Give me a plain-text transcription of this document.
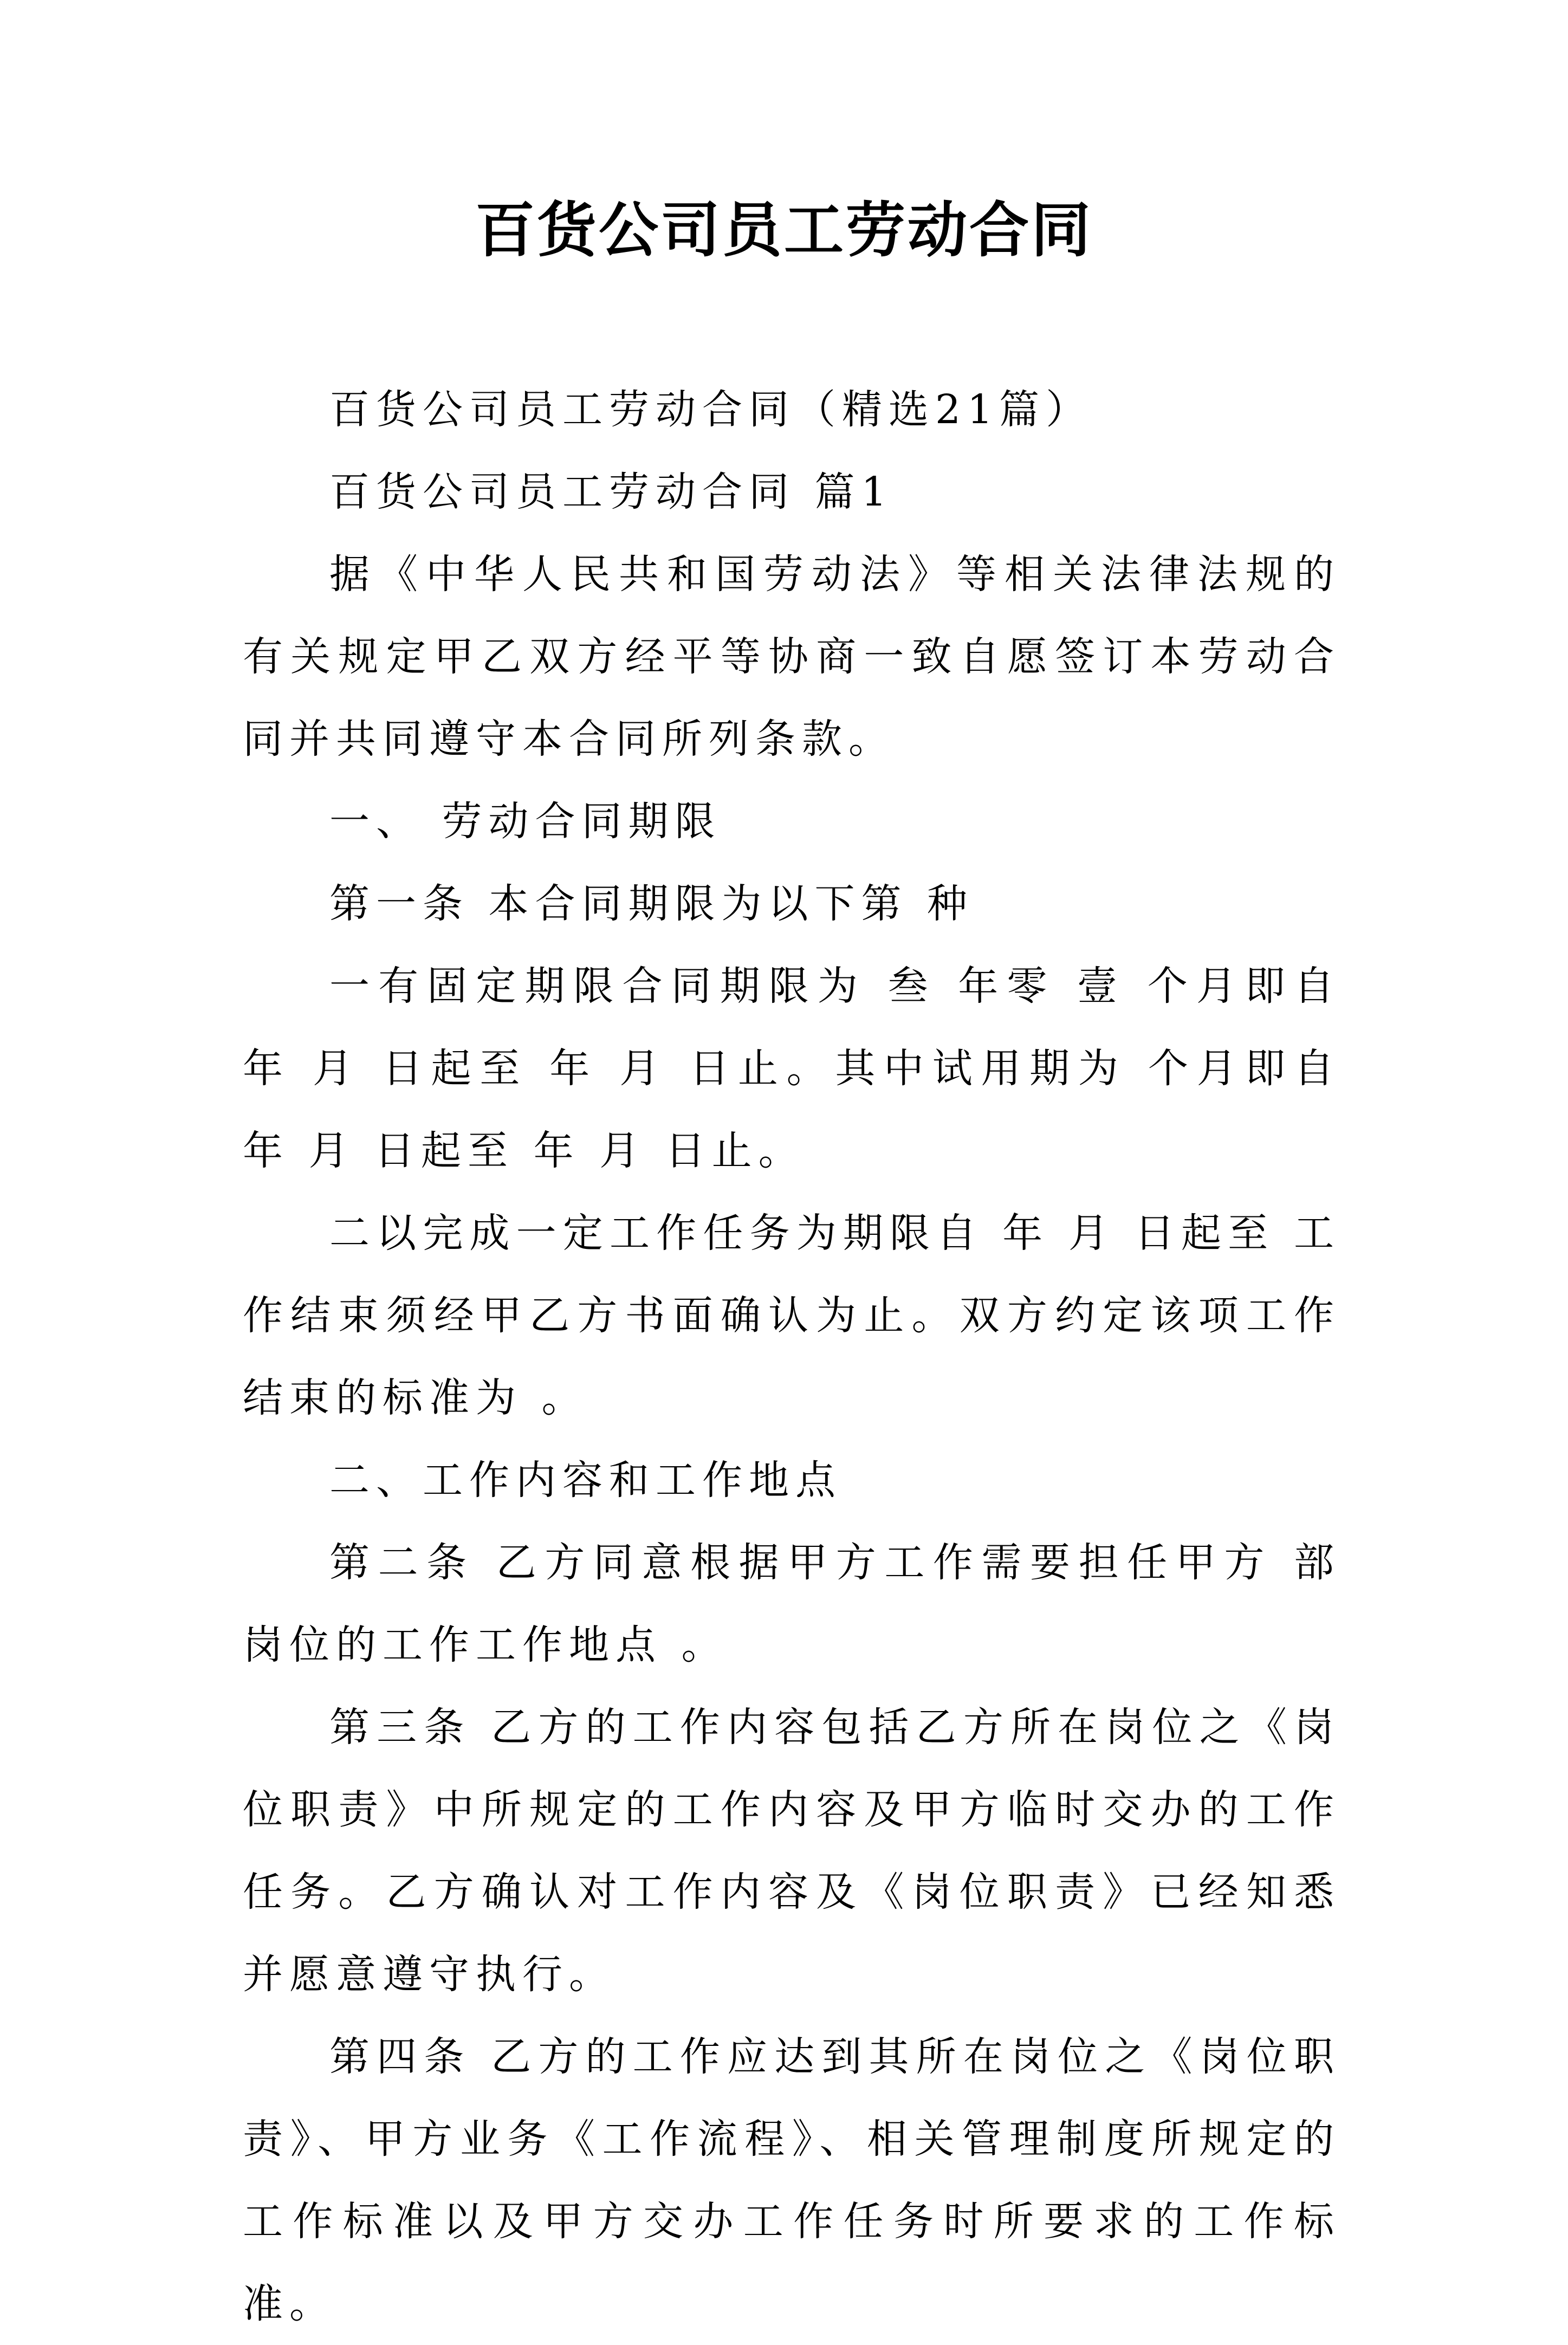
百货公司员工劳动合同

百货公司员工劳动合同（精选21篇）

百货公司员工劳动合同 篇1

据《中华人民共和国劳动法》等相关法律法规的有关规定甲乙双方经平等协商一致自愿签订本劳动合同并共同遵守本合同所列条款。

一、 劳动合同期限

第一条 本合同期限为以下第 种

一有固定期限合同期限为 叁 年零 壹 个月即自 年 月 日起至 年 月 日止。其中试用期为 个月即自 年 月 日起至 年 月 日止。

二以完成一定工作任务为期限自 年 月 日起至 工作结束须经甲乙方书面确认为止。双方约定该项工作结束的标准为 。

二、工作内容和工作地点

第二条 乙方同意根据甲方工作需要担任甲方 部 岗位的工作工作地点 。

第三条 乙方的工作内容包括乙方所在岗位之《岗位职责》中所规定的工作内容及甲方临时交办的工作任务。乙方确认对工作内容及《岗位职责》已经知悉并愿意遵守执行。

第四条 乙方的工作应达到其所在岗位之《岗位职责》、甲方业务《工作流程》、相关管理制度所规定的工作标准以及甲方交办工作任务时所要求的工作标准。
